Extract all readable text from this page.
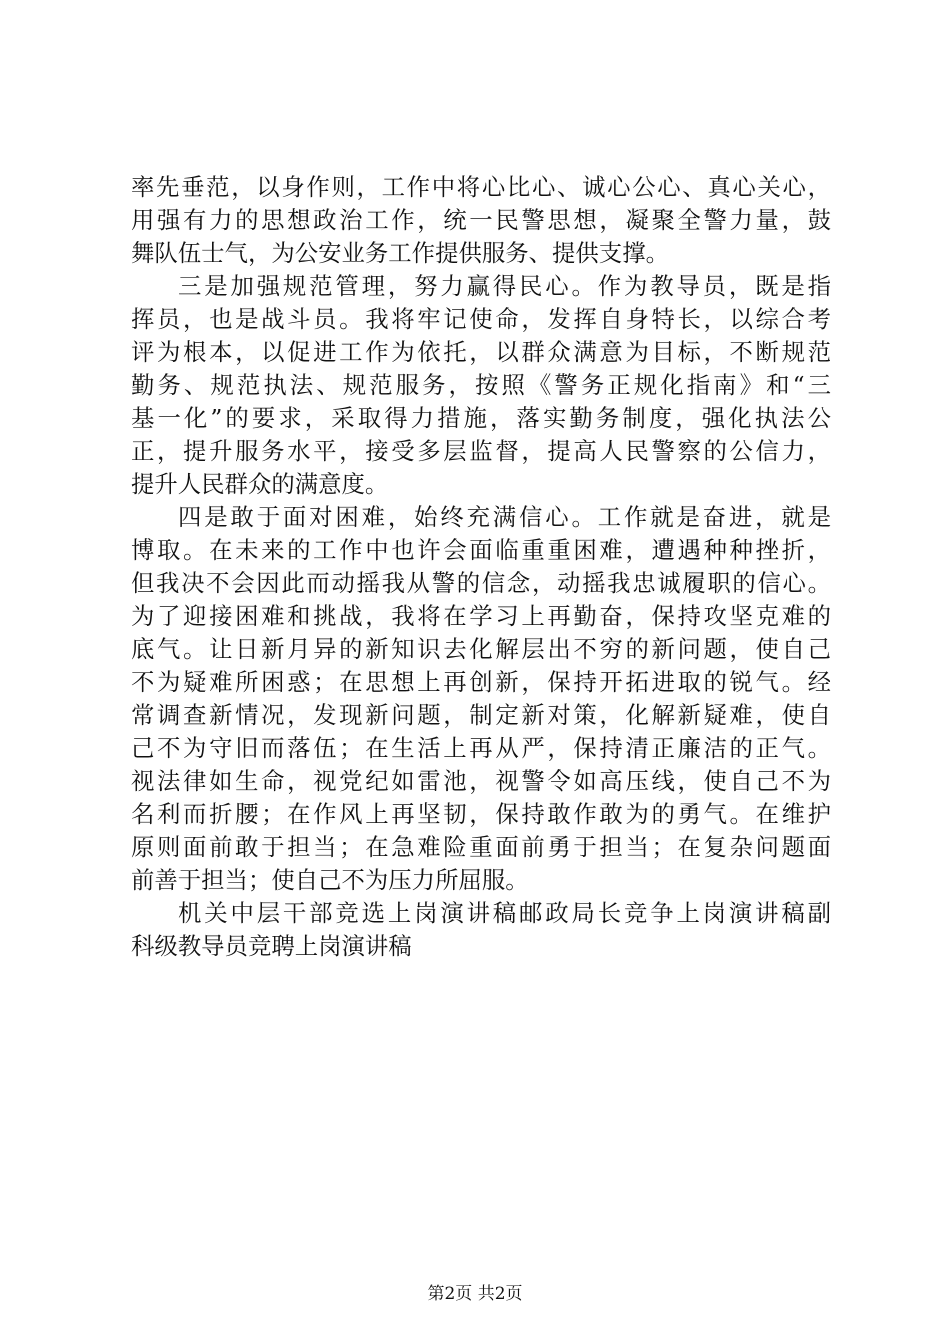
率先垂范，以身作则，工作中将心比心、诚心公心、真心关心，
用强有力的思想政治工作，统一民警思想，凝聚全警力量，鼓
舞队伍士气，为公安业务工作提供服务、提供支撑。
三是加强规范管理，努力赢得民心。作为教导员，既是指
挥员，也是战斗员。我将牢记使命，发挥自身特长，以综合考
评为根本，以促进工作为依托，以群众满意为目标，不断规范
勤务、规范执法、规范服务，按照《警务正规化指南》和“三
基一化”的要求，采取得力措施，落实勤务制度，强化执法公
正，提升服务水平，接受多层监督，提高人民警察的公信力，
提升人民群众的满意度。
四是敢于面对困难，始终充满信心。工作就是奋进，就是
博取。在未来的工作中也许会面临重重困难，遭遇种种挫折，
但我决不会因此而动摇我从警的信念，动摇我忠诚履职的信心。
为了迎接困难和挑战，我将在学习上再勤奋，保持攻坚克难的
底气。让日新月异的新知识去化解层出不穷的新问题，使自己
不为疑难所困惑；在思想上再创新，保持开拓进取的锐气。经
常调查新情况，发现新问题，制定新对策，化解新疑难，使自
己不为守旧而落伍；在生活上再从严，保持清正廉洁的正气。
视法律如生命，视党纪如雷池，视警令如高压线，使自己不为
名利而折腰；在作风上再坚韧，保持敢作敢为的勇气。在维护
原则面前敢于担当；在急难险重面前勇于担当；在复杂问题面
前善于担当；使自己不为压力所屈服。
机关中层干部竞选上岗演讲稿邮政局长竞争上岗演讲稿副
科级教导员竞聘上岗演讲稿
第2页 共2页
